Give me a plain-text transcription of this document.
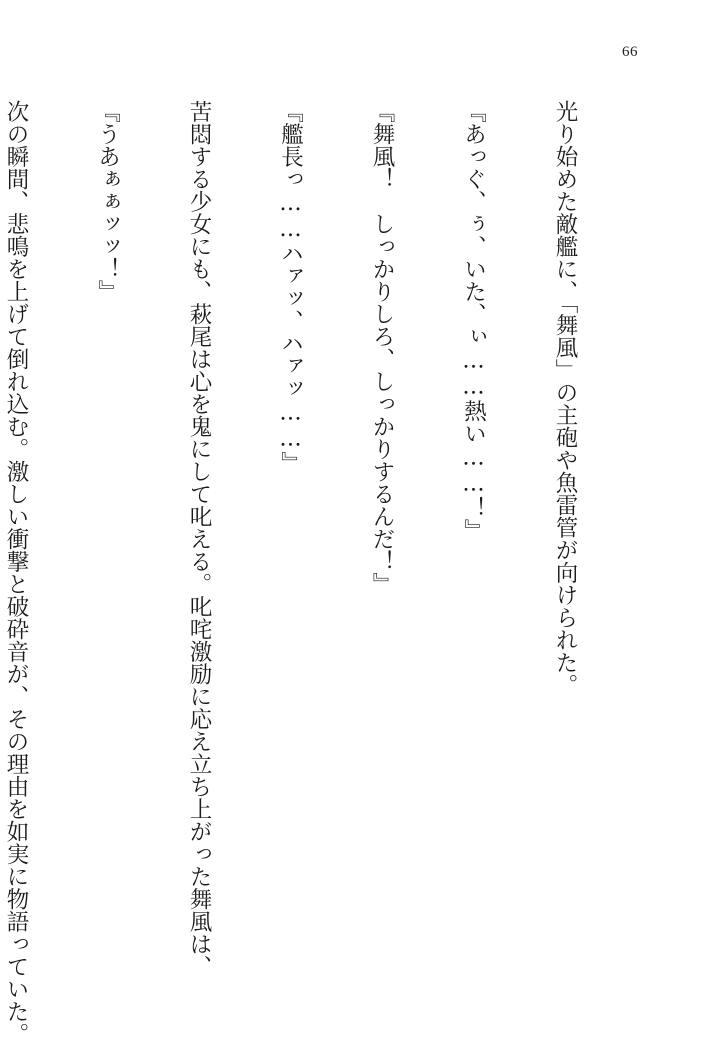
66

光り始めた敵艦に、「舞風」の主砲や魚雷管が向けられた。

『あっぐ、ぅ、いた、ぃ……熱い……！』

『舞風！　しっかりしろ、しっかりするんだ！』

『艦長っ……ハァッ、ハァッ……』

苦悶する少女にも、萩尾は心を鬼にして叱える。叱咤激励に応え立ち上がった舞風は、

『うあぁぁッッ！』

次の瞬間、悲鳴を上げて倒れ込む。激しい衝撃と破砕音が、その理由を如実に物語っていた。
